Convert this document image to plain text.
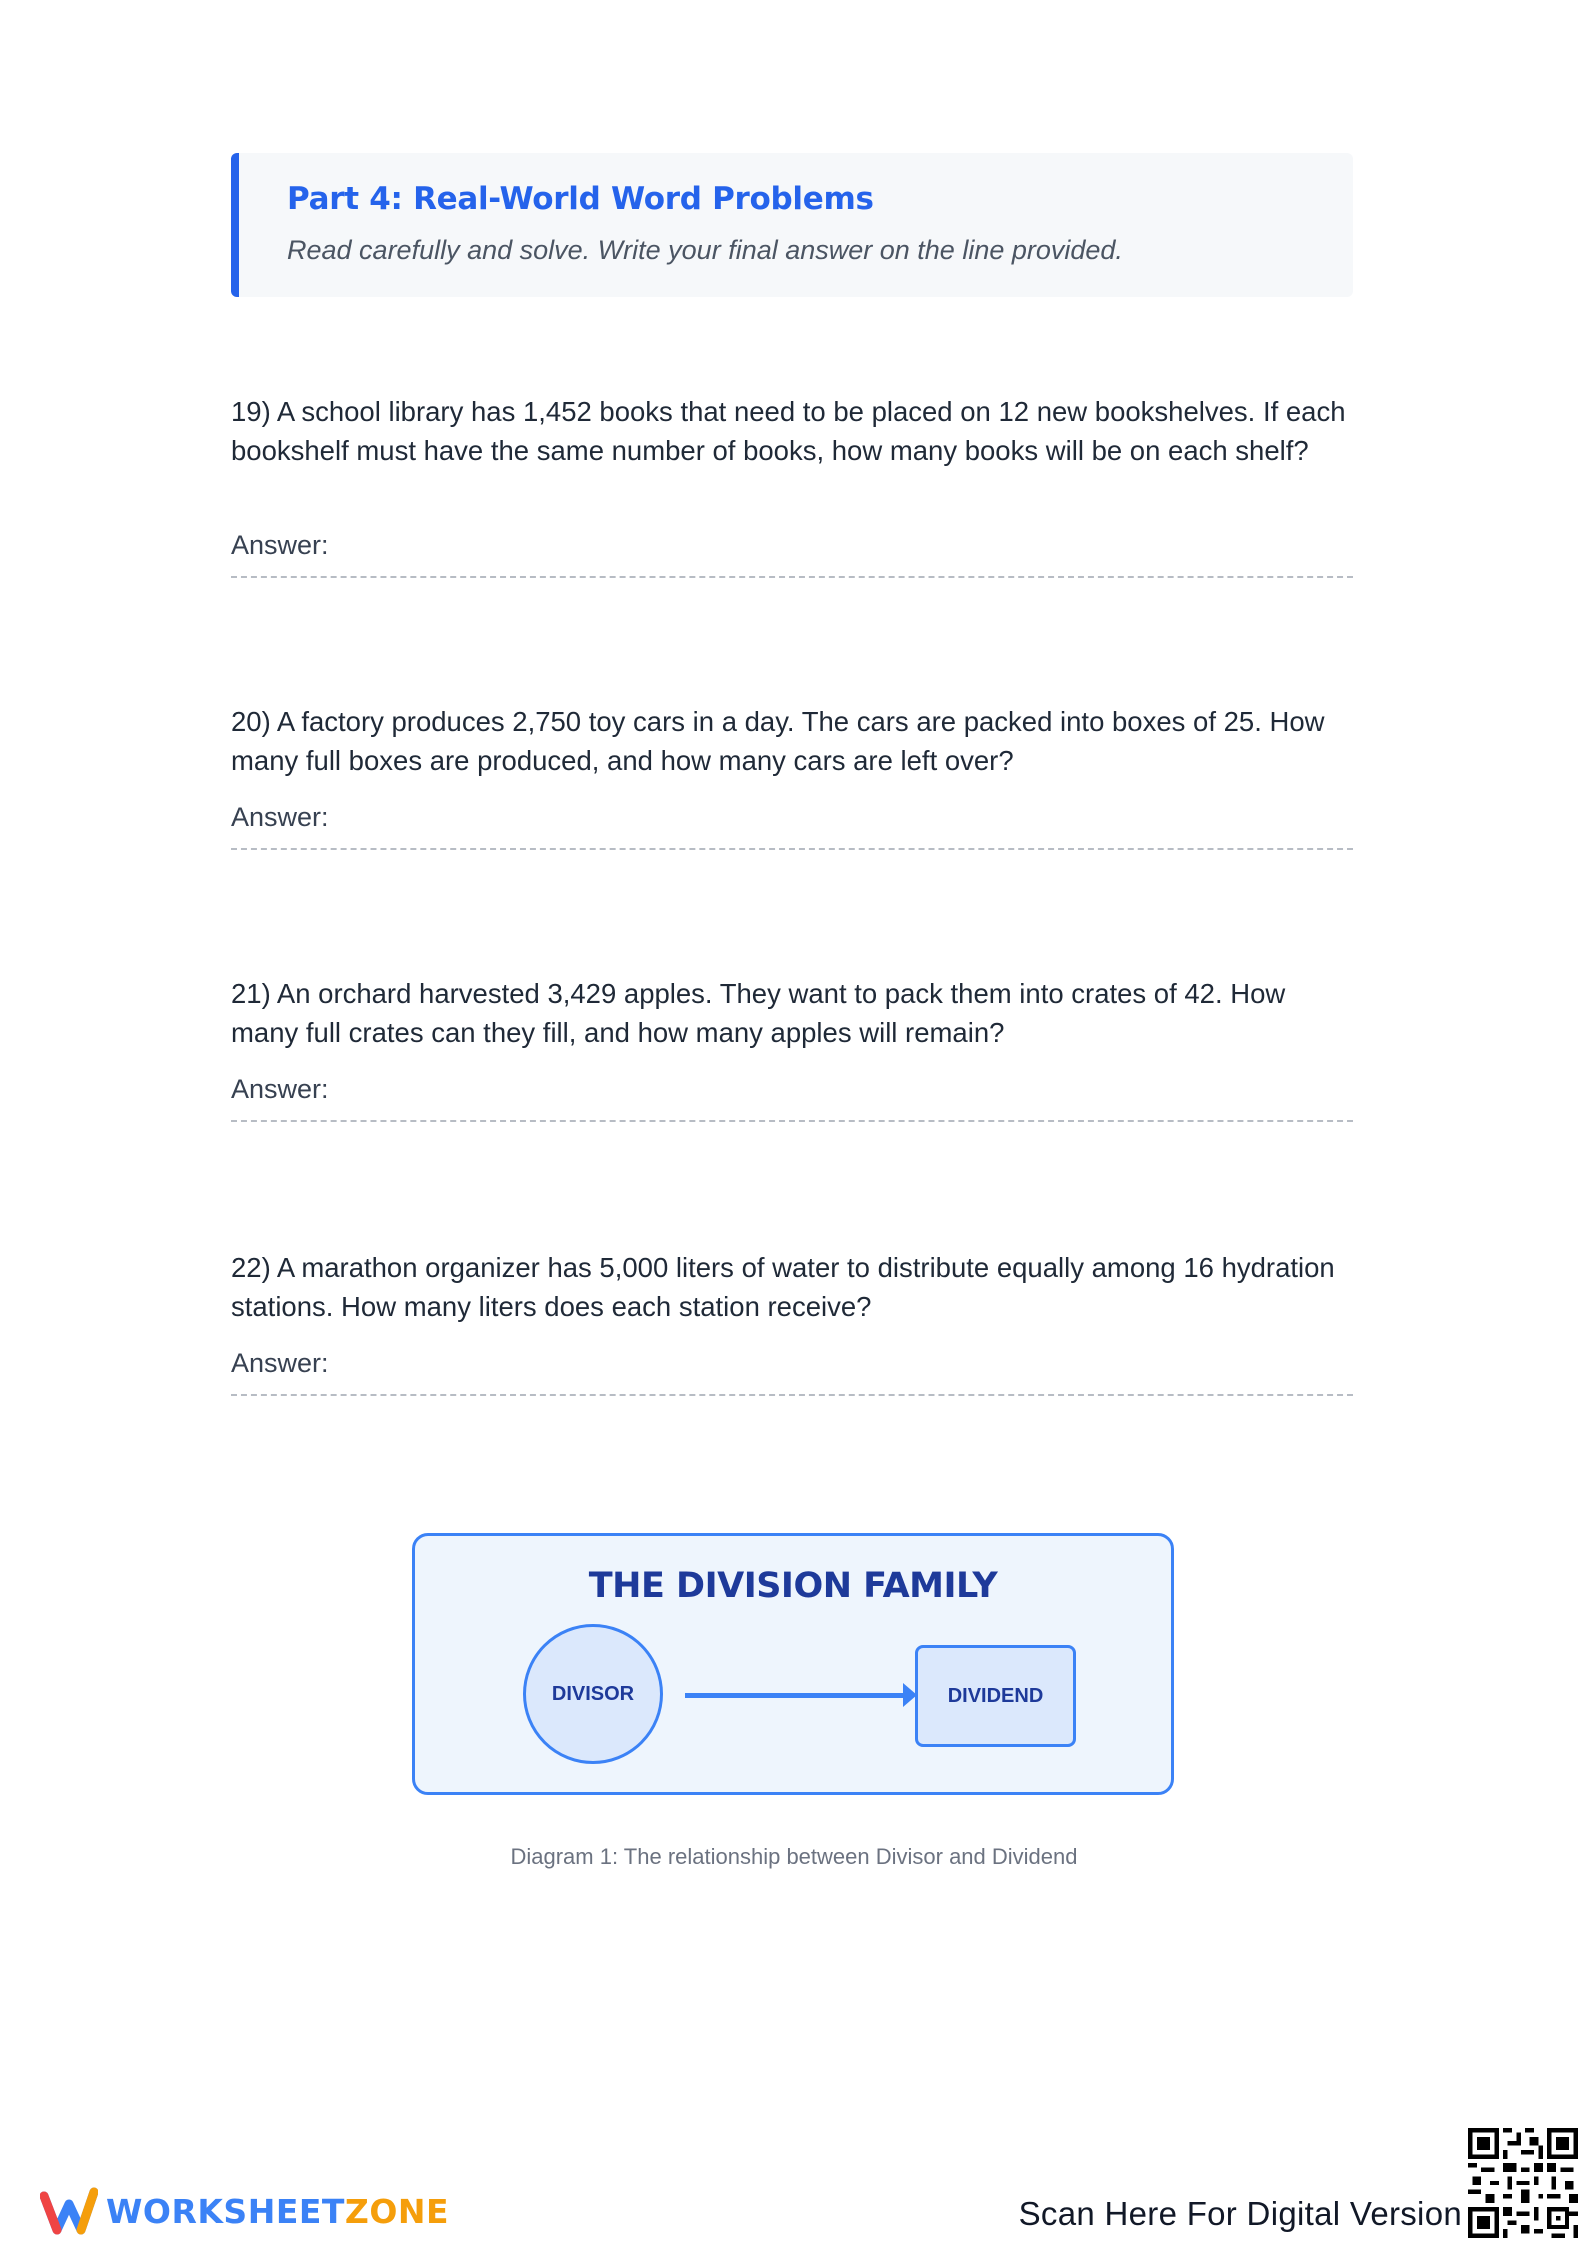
Part 4: Real-World Word Problems

Read carefully and solve. Write your final answer on the line provided.

19) A school library has 1,452 books that need to be placed on 12 new bookshelves. If each bookshelf must have the same number of books, how many books will be on each shelf?

Answer:

20) A factory produces 2,750 toy cars in a day. The cars are packed into boxes of 25. How many full boxes are produced, and how many cars are left over?

Answer:

21) An orchard harvested 3,429 apples. They want to pack them into crates of 42. How many full crates can they fill, and how many apples will remain?

Answer:

22) A marathon organizer has 5,000 liters of water to distribute equally among 16 hydration stations. How many liters does each station receive?

Answer:
THE DIVISION FAMILY
DIVISOR	DIVIDEND
Diagram 1: The relationship between Divisor and Dividend
WORKSHEETZONE	Scan Here For Digital Version
